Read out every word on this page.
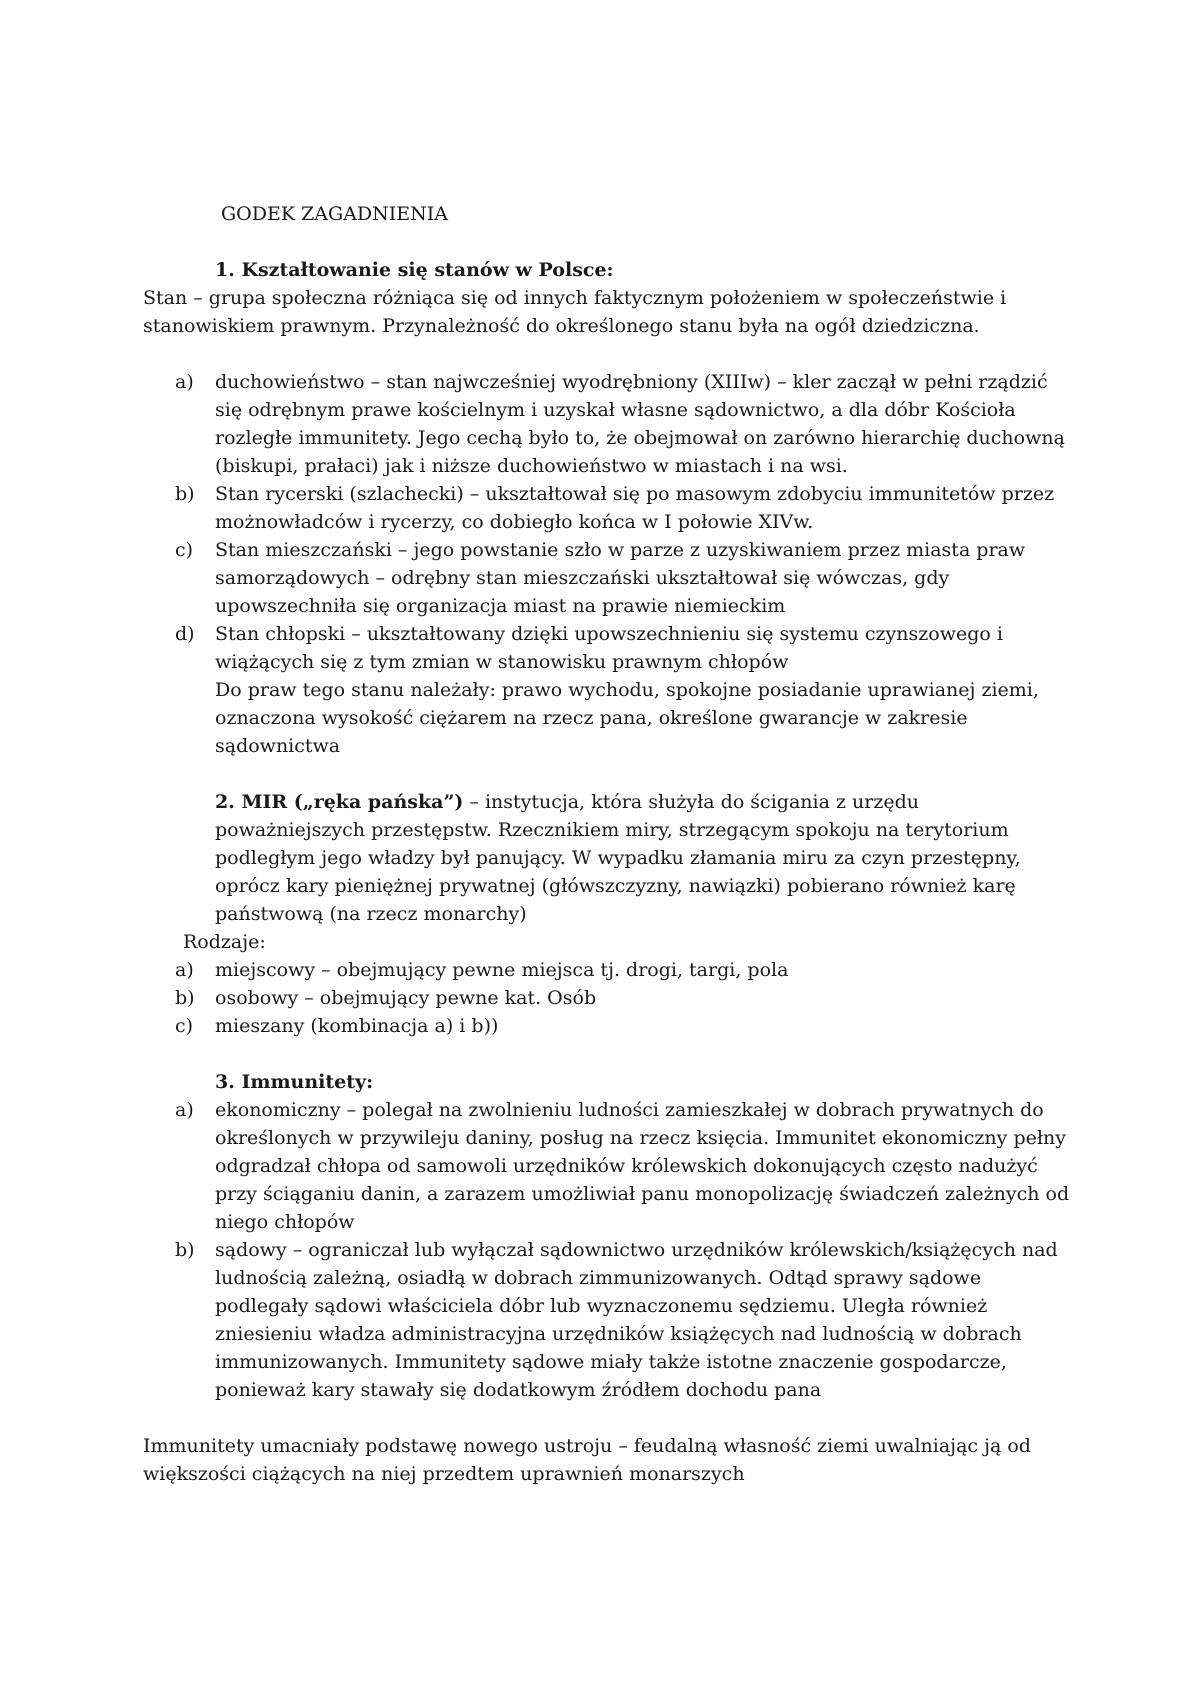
GODEK ZAGADNIENIA

1. Kształtowanie się stanów w Polsce:

Stan – grupa społeczna różniąca się od innych faktycznym położeniem w społeczeństwie i stanowiskiem prawnym. Przynależność do określonego stanu była na ogół dziedziczna.

a) duchowieństwo – stan najwcześniej wyodrębniony (XIIIw) – kler zaczął w pełni rządzić się odrębnym prawe kościelnym i uzyskał własne sądownictwo, a dla dóbr Kościoła rozległe immunitety. Jego cechą było to, że obejmował on zarówno hierarchię duchowną (biskupi, prałaci) jak i niższe duchowieństwo w miastach i na wsi.
b) Stan rycerski (szlachecki) – ukształtował się po masowym zdobyciu immunitetów przez możnowładców i rycerzy, co dobiegło końca w I połowie XIVw.
c) Stan mieszczański – jego powstanie szło w parze z uzyskiwaniem przez miasta praw samorządowych – odrębny stan mieszczański ukształtował się wówczas, gdy upowszechniła się organizacja miast na prawie niemieckim
d) Stan chłopski – ukształtowany dzięki upowszechnieniu się systemu czynszowego i wiążących się z tym zmian w stanowisku prawnym chłopów

Do praw tego stanu należały: prawo wychodu, spokojne posiadanie uprawianej ziemi, oznaczona wysokość ciężarem na rzecz pana, określone gwarancje w zakresie sądownictwa

2. MIR („ręka pańska”) – instytucja, która służyła do ścigania z urzędu poważniejszych przestępstw. Rzecznikiem miry, strzegącym spokoju na terytorium podległym jego władzy był panujący. W wypadku złamania miru za czyn przestępny, oprócz kary pieniężnej prywatnej (główszczyzny, nawiązki) pobierano również karę państwową (na rzecz monarchy)

Rodzaje:

a) miejscowy – obejmujący pewne miejsca tj. drogi, targi, pola
b) osobowy – obejmujący pewne kat. Osób
c) mieszany (kombinacja a) i b))

3. Immunitety:

a) ekonomiczny – polegał na zwolnieniu ludności zamieszkałej w dobrach prywatnych do określonych w przywileju daniny, posług na rzecz księcia. Immunitet ekonomiczny pełny odgradzał chłopa od samowoli urzędników królewskich dokonujących często nadużyć przy ściąganiu danin, a zarazem umożliwiał panu monopolizację świadczeń zależnych od niego chłopów
b) sądowy – ograniczał lub wyłączał sądownictwo urzędników królewskich/książęcych nad ludnością zależną, osiadłą w dobrach zimmunizowanych. Odtąd sprawy sądowe podlegały sądowi właściciela dóbr lub wyznaczonemu sędziemu. Uległa również zniesieniu władza administracyjna urzędników książęcych nad ludnością w dobrach immunizowanych. Immunitety sądowe miały także istotne znaczenie gospodarcze, ponieważ kary stawały się dodatkowym źródłem dochodu pana

Immunitety umacniały podstawę nowego ustroju – feudalną własność ziemi uwalniając ją od większości ciążących na niej przedtem uprawnień monarszych
